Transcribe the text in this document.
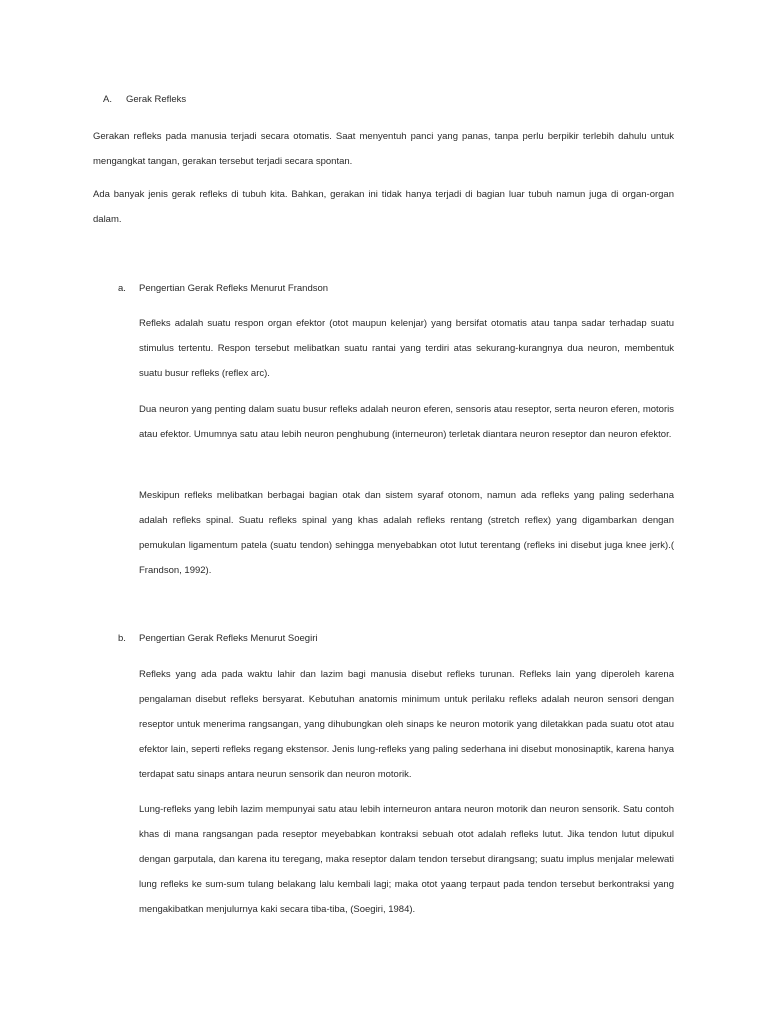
A.	Gerak Refleks

Gerakan refleks pada manusia terjadi secara otomatis. Saat menyentuh panci yang panas, tanpa perlu berpikir terlebih dahulu untuk mengangkat tangan, gerakan tersebut terjadi secara spontan.

Ada banyak jenis gerak refleks di tubuh kita. Bahkan, gerakan ini tidak hanya terjadi di bagian luar tubuh namun juga di organ-organ dalam.

a.	Pengertian Gerak Refleks Menurut Frandson

Refleks adalah suatu respon organ efektor (otot maupun kelenjar) yang bersifat otomatis atau tanpa sadar terhadap suatu stimulus tertentu. Respon tersebut melibatkan suatu rantai yang terdiri atas sekurang-kurangnya dua neuron, membentuk suatu busur refleks (reflex arc).

Dua neuron yang penting dalam suatu busur refleks adalah neuron eferen, sensoris atau reseptor, serta neuron eferen, motoris atau efektor. Umumnya satu atau lebih neuron penghubung (interneuron) terletak diantara neuron reseptor dan neuron efektor.

Meskipun refleks melibatkan berbagai bagian otak dan sistem syaraf otonom, namun ada refleks yang paling sederhana adalah refleks spinal. Suatu refleks spinal yang khas adalah refleks rentang (stretch reflex) yang digambarkan dengan pemukulan ligamentum patela (suatu tendon) sehingga menyebabkan otot lutut terentang (refleks ini disebut juga knee jerk).( Frandson, 1992).

b.	Pengertian Gerak Refleks Menurut Soegiri

Refleks yang ada pada waktu lahir dan lazim bagi manusia disebut refleks turunan. Refleks lain yang diperoleh karena pengalaman disebut refleks bersyarat. Kebutuhan anatomis minimum untuk perilaku refleks adalah neuron sensori dengan reseptor untuk menerima rangsangan, yang dihubungkan oleh sinaps ke neuron motorik yang diletakkan pada suatu otot atau efektor lain, seperti refleks regang ekstensor. Jenis lung-refleks yang paling sederhana ini disebut monosinaptik, karena hanya terdapat satu sinaps antara neurun sensorik dan neuron motorik.

Lung-refleks yang lebih lazim mempunyai satu atau lebih interneuron antara neuron motorik dan neuron sensorik. Satu contoh khas di mana rangsangan pada reseptor meyebabkan kontraksi sebuah otot adalah refleks lutut. Jika tendon lutut dipukul dengan garputala, dan karena itu teregang, maka reseptor dalam tendon tersebut dirangsang; suatu implus menjalar melewati lung refleks ke sum-sum tulang belakang lalu kembali lagi; maka otot yaang terpaut pada tendon tersebut berkontraksi yang mengakibatkan menjulurnya kaki secara tiba-tiba, (Soegiri, 1984).
